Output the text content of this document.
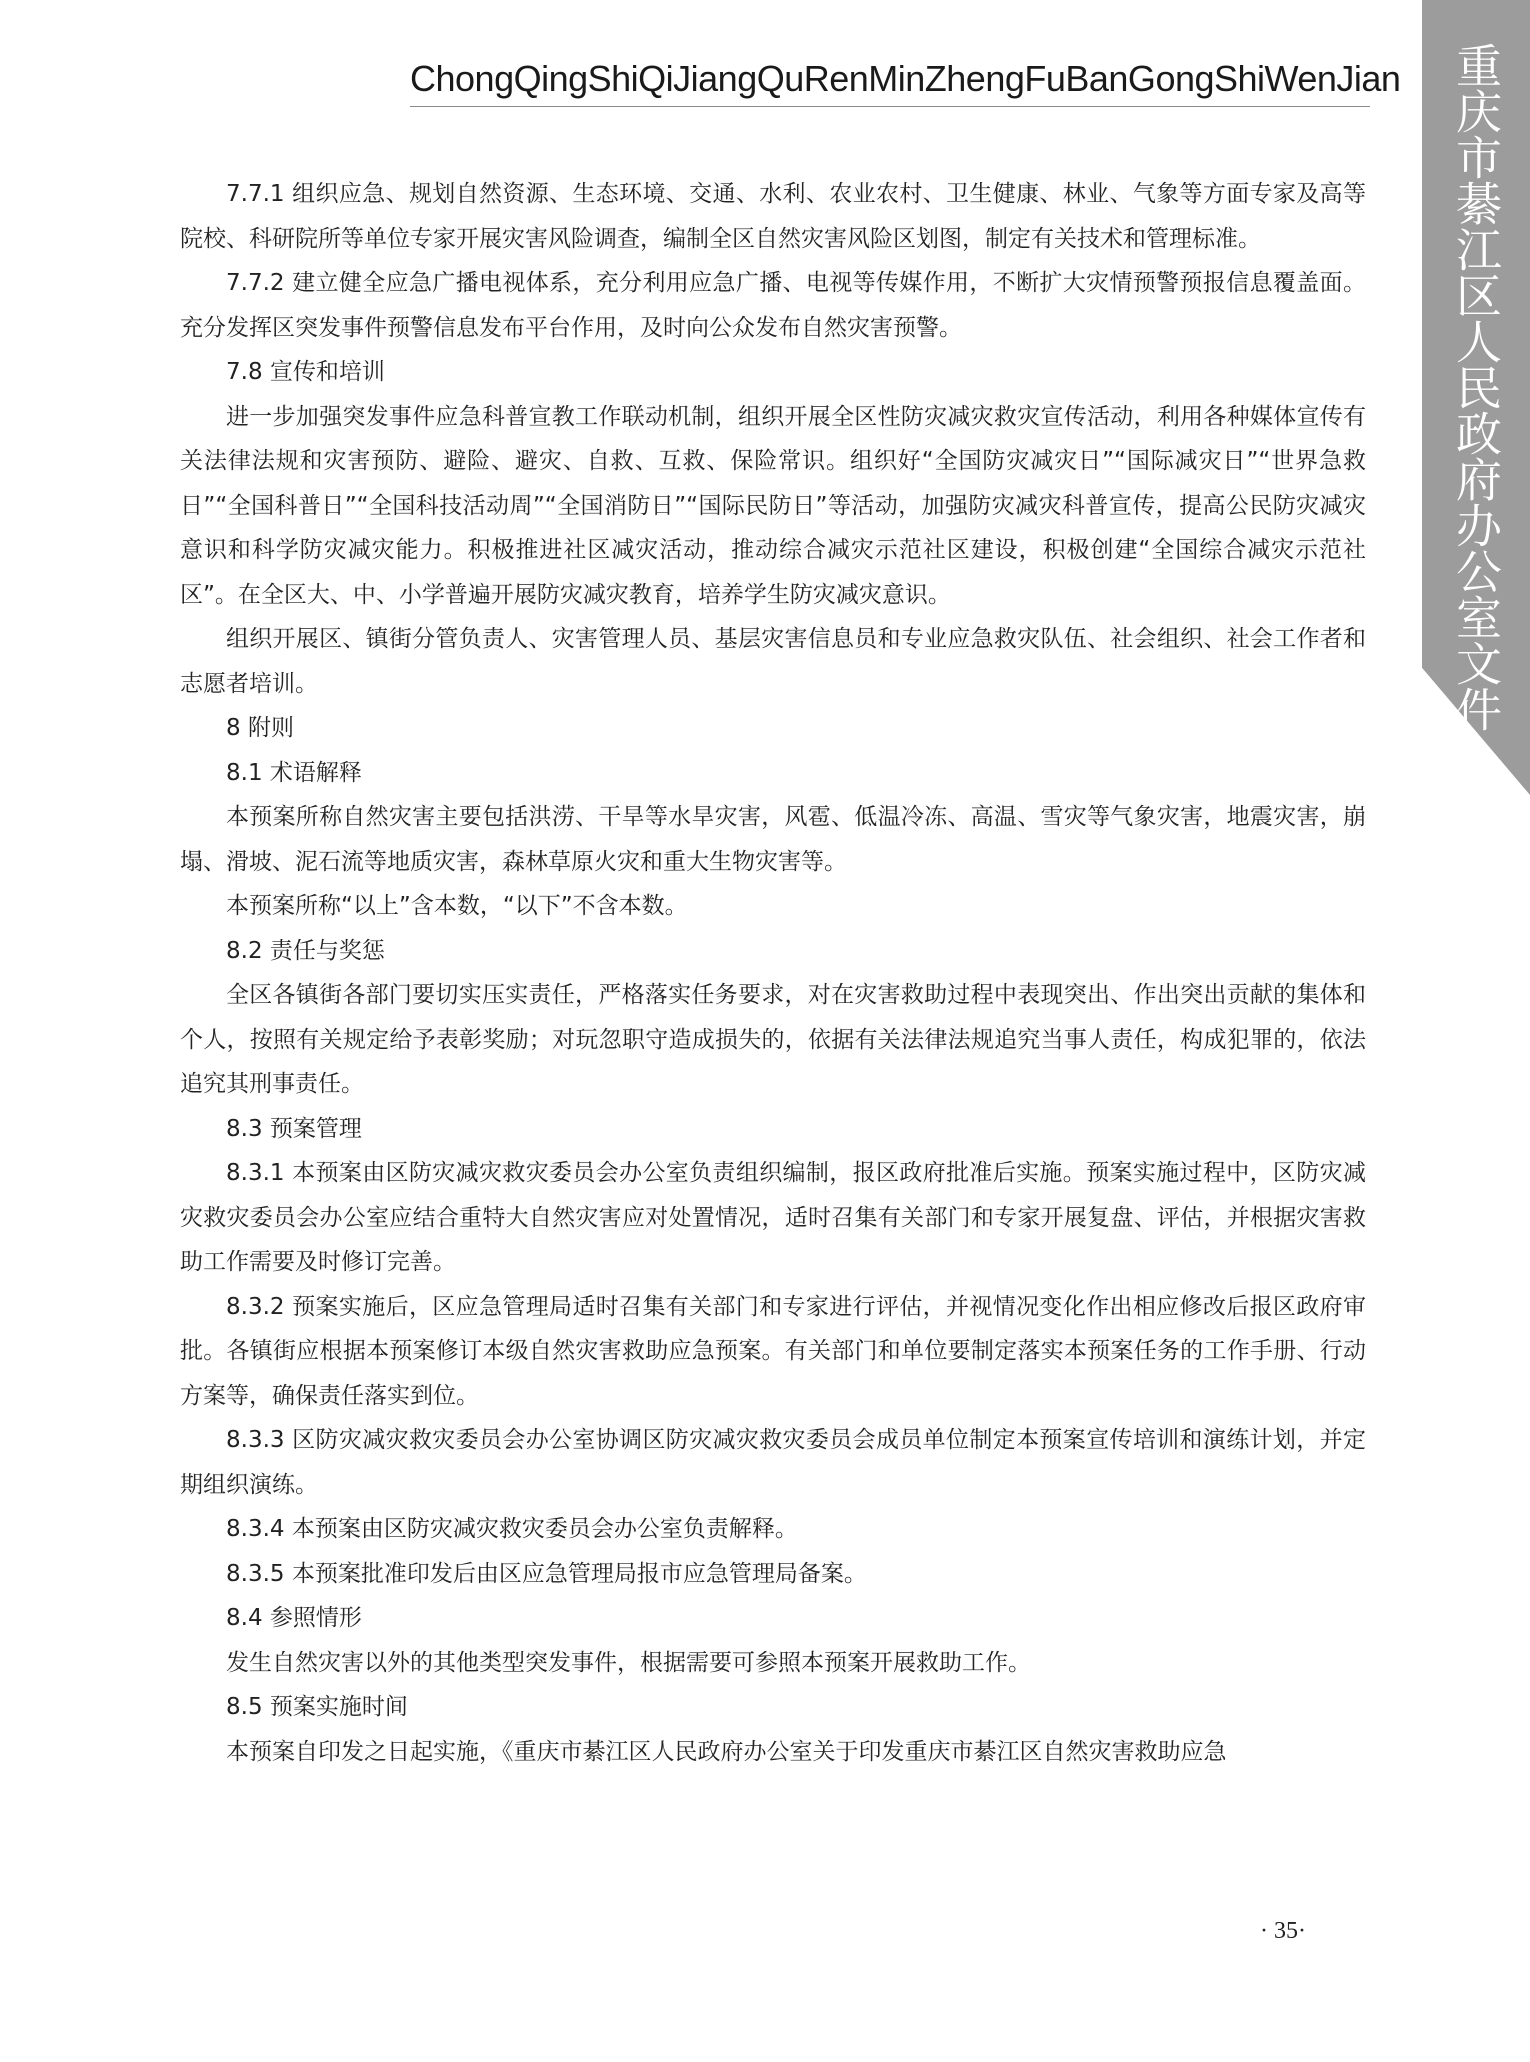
重庆市綦江区人民政府办公室文件
ChongQingShiQiJiangQuRenMinZhengFuBanGongShiWenJian

7.7.1 组织应急、规划自然资源、生态环境、交通、水利、农业农村、卫生健康、林业、气象等方面专家及高等院校、科研院所等单位专家开展灾害风险调查，编制全区自然灾害风险区划图，制定有关技术和管理标准。

7.7.2 建立健全应急广播电视体系，充分利用应急广播、电视等传媒作用，不断扩大灾情预警预报信息覆盖面。充分发挥区突发事件预警信息发布平台作用，及时向公众发布自然灾害预警。

7.8 宣传和培训

进一步加强突发事件应急科普宣教工作联动机制，组织开展全区性防灾减灾救灾宣传活动，利用各种媒体宣传有关法律法规和灾害预防、避险、避灾、自救、互救、保险常识。组织好“全国防灾减灾日”“国际减灾日”“世界急救日”“全国科普日”“全国科技活动周”“全国消防日”“国际民防日”等活动，加强防灾减灾科普宣传，提高公民防灾减灾意识和科学防灾减灾能力。积极推进社区减灾活动，推动综合减灾示范社区建设，积极创建“全国综合减灾示范社区”。在全区大、中、小学普遍开展防灾减灾教育，培养学生防灾减灾意识。

组织开展区、镇街分管负责人、灾害管理人员、基层灾害信息员和专业应急救灾队伍、社会组织、社会工作者和志愿者培训。

8 附则

8.1 术语解释

本预案所称自然灾害主要包括洪涝、干旱等水旱灾害，风雹、低温冷冻、高温、雪灾等气象灾害，地震灾害，崩塌、滑坡、泥石流等地质灾害，森林草原火灾和重大生物灾害等。

本预案所称“以上”含本数，“以下”不含本数。

8.2 责任与奖惩

全区各镇街各部门要切实压实责任，严格落实任务要求，对在灾害救助过程中表现突出、作出突出贡献的集体和个人，按照有关规定给予表彰奖励；对玩忽职守造成损失的，依据有关法律法规追究当事人责任，构成犯罪的，依法追究其刑事责任。

8.3 预案管理

8.3.1 本预案由区防灾减灾救灾委员会办公室负责组织编制，报区政府批准后实施。预案实施过程中，区防灾减灾救灾委员会办公室应结合重特大自然灾害应对处置情况，适时召集有关部门和专家开展复盘、评估，并根据灾害救助工作需要及时修订完善。

8.3.2 预案实施后，区应急管理局适时召集有关部门和专家进行评估，并视情况变化作出相应修改后报区政府审批。各镇街应根据本预案修订本级自然灾害救助应急预案。有关部门和单位要制定落实本预案任务的工作手册、行动方案等，确保责任落实到位。

8.3.3 区防灾减灾救灾委员会办公室协调区防灾减灾救灾委员会成员单位制定本预案宣传培训和演练计划，并定期组织演练。

8.3.4 本预案由区防灾减灾救灾委员会办公室负责解释。

8.3.5 本预案批准印发后由区应急管理局报市应急管理局备案。

8.4 参照情形

发生自然灾害以外的其他类型突发事件，根据需要可参照本预案开展救助工作。

8.5 预案实施时间

本预案自印发之日起实施，《重庆市綦江区人民政府办公室关于印发重庆市綦江区自然灾害救助应急

· 35·
